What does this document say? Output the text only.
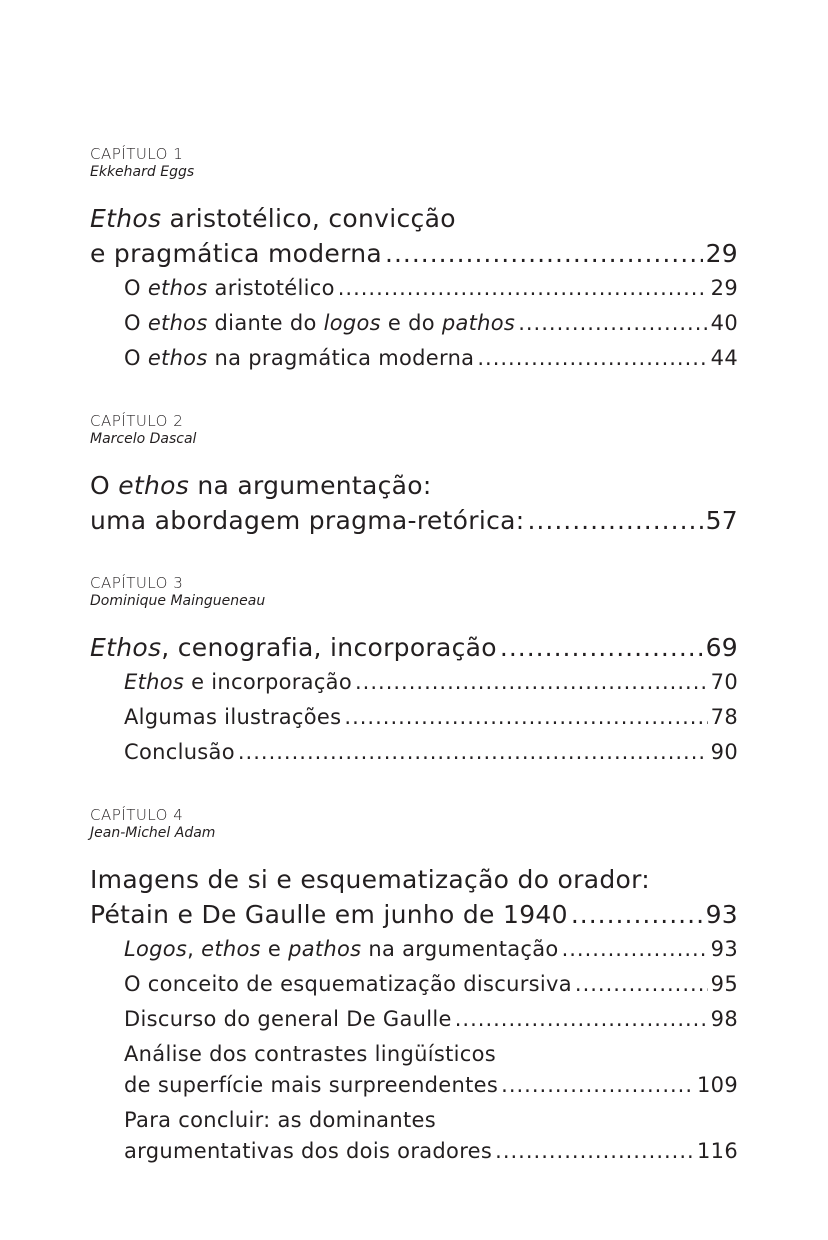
CAPÍTULO 1
Ekkehard Eggs
Ethos aristotélico, convicção
e pragmática moderna .....	29
O ethos aristotélico .....	29
O ethos diante do logos e do pathos .....	40
O ethos na pragmática moderna .....	44
CAPÍTULO 2
Marcelo Dascal
O ethos na argumentação:
uma abordagem pragma-retórica: .....	57
CAPÍTULO 3
Dominique Maingueneau
Ethos, cenografia, incorporação .....	69
Ethos e incorporação .....	70
Algumas ilustrações .....	78
Conclusão .....	90
CAPÍTULO 4
Jean-Michel Adam
Imagens de si e esquematização do orador:
Pétain e De Gaulle em junho de 1940 .....	93
Logos, ethos e pathos na argumentação .....	93
O conceito de esquematização discursiva .....	95
Discurso do general De Gaulle .....	98
Análise dos contrastes lingüísticos
de superfície mais surpreendentes .....	109
Para concluir: as dominantes
argumentativas dos dois oradores .....	116
